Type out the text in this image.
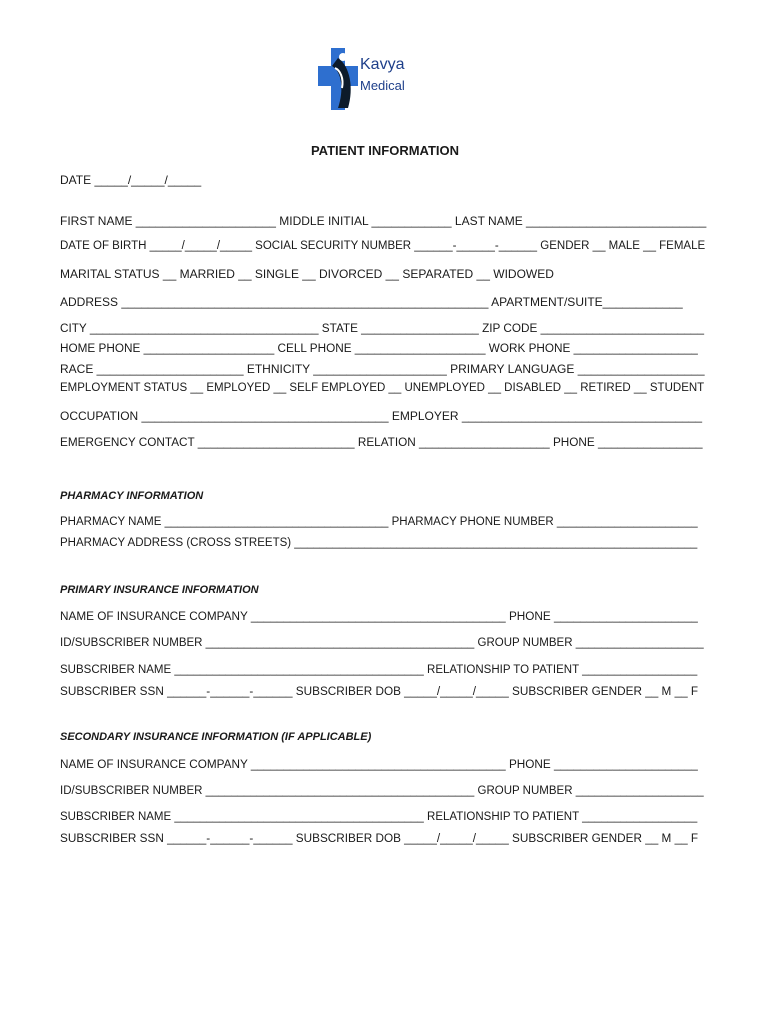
Kavya
Medical
PATIENT INFORMATION
DATE _____/_____/_____
FIRST NAME _____________________ MIDDLE INITIAL ____________ LAST NAME ___________________________
DATE OF BIRTH _____/_____/_____ SOCIAL SECURITY NUMBER ______-______-______ GENDER __ MALE __ FEMALE
MARITAL STATUS __ MARRIED __ SINGLE __ DIVORCED __ SEPARATED __ WIDOWED
ADDRESS _______________________________________________________ APARTMENT/SUITE____________
CITY ___________________________________ STATE __________________ ZIP CODE _________________________
HOME PHONE ____________________ CELL PHONE ____________________ WORK PHONE ___________________
RACE ______________________ ETHNICITY ____________________ PRIMARY LANGUAGE ___________________
EMPLOYMENT STATUS __ EMPLOYED __ SELF EMPLOYED __ UNEMPLOYED __ DISABLED __ RETIRED __ STUDENT
OCCUPATION _____________________________________ EMPLOYER ____________________________________
EMERGENCY CONTACT ________________________ RELATION ____________________ PHONE ________________
PHARMACY INFORMATION
PHARMACY NAME ___________________________________ PHARMACY PHONE NUMBER ______________________
PHARMACY ADDRESS (CROSS STREETS) _______________________________________________________________
PRIMARY INSURANCE INFORMATION
NAME OF INSURANCE COMPANY _______________________________________ PHONE ______________________
ID/SUBSCRIBER NUMBER __________________________________________ GROUP NUMBER ____________________
SUBSCRIBER NAME _______________________________________ RELATIONSHIP TO PATIENT __________________
SUBSCRIBER SSN ______-______-______ SUBSCRIBER DOB _____/_____/_____ SUBSCRIBER GENDER __ M __ F
SECONDARY INSURANCE INFORMATION (IF APPLICABLE)
NAME OF INSURANCE COMPANY _______________________________________ PHONE ______________________
ID/SUBSCRIBER NUMBER __________________________________________ GROUP NUMBER ____________________
SUBSCRIBER NAME _______________________________________ RELATIONSHIP TO PATIENT __________________
SUBSCRIBER SSN ______-______-______ SUBSCRIBER DOB _____/_____/_____ SUBSCRIBER GENDER __ M __ F
